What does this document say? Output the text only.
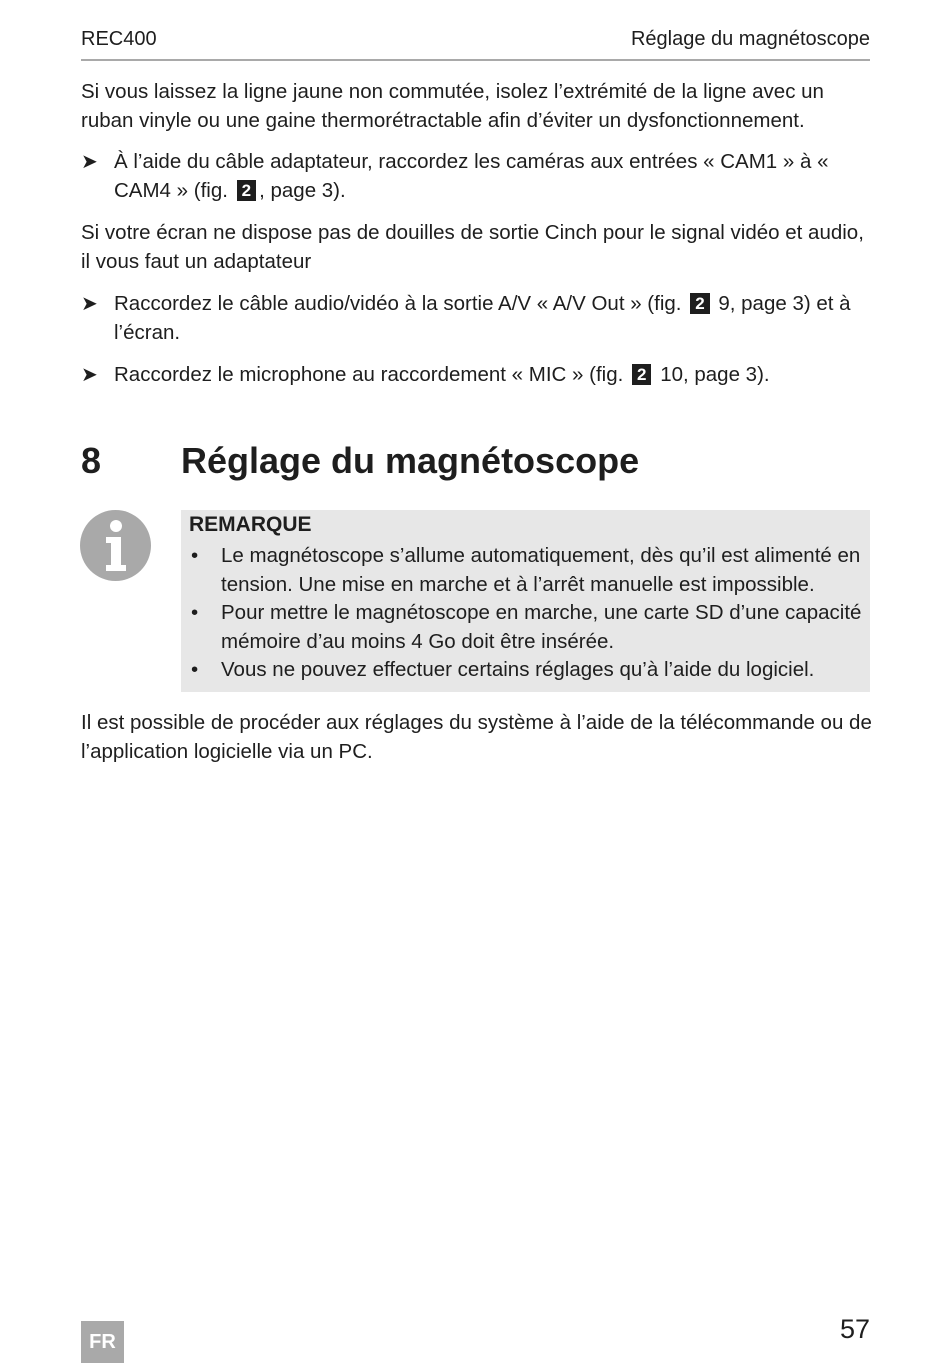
REC400	Réglage du magnétoscope

Si vous laissez la ligne jaune non commutée, isolez l’extrémité de la ligne avec un ruban vinyle ou une gaine thermorétractable afin d’éviter un dysfonctionnement.

➤ À l’aide du câble adaptateur, raccordez les caméras aux entrées « CAM1 » à « CAM4 » (fig. 2 , page 3).

Si votre écran ne dispose pas de douilles de sortie Cinch pour le signal vidéo et audio, il vous faut un adaptateur

➤ Raccordez le câble audio/vidéo à la sortie A/V « A/V Out » (fig. 2 9, page 3) et à l’écran.
➤ Raccordez le microphone au raccordement « MIC » (fig. 2 10, page 3).
8 Réglage du magnétoscope
REMARQUE
• Le magnétoscope s’allume automatiquement, dès qu’il est alimenté en tension. Une mise en marche et à l’arrêt manuelle est impossible.
• Pour mettre le magnétoscope en marche, une carte SD d’une capacité mémoire d’au moins 4 Go doit être insérée.
• Vous ne pouvez effectuer certains réglages qu’à l’aide du logiciel.

Il est possible de procéder aux réglages du système à l’aide de la télécommande ou de l’application logicielle via un PC.

FR	57
